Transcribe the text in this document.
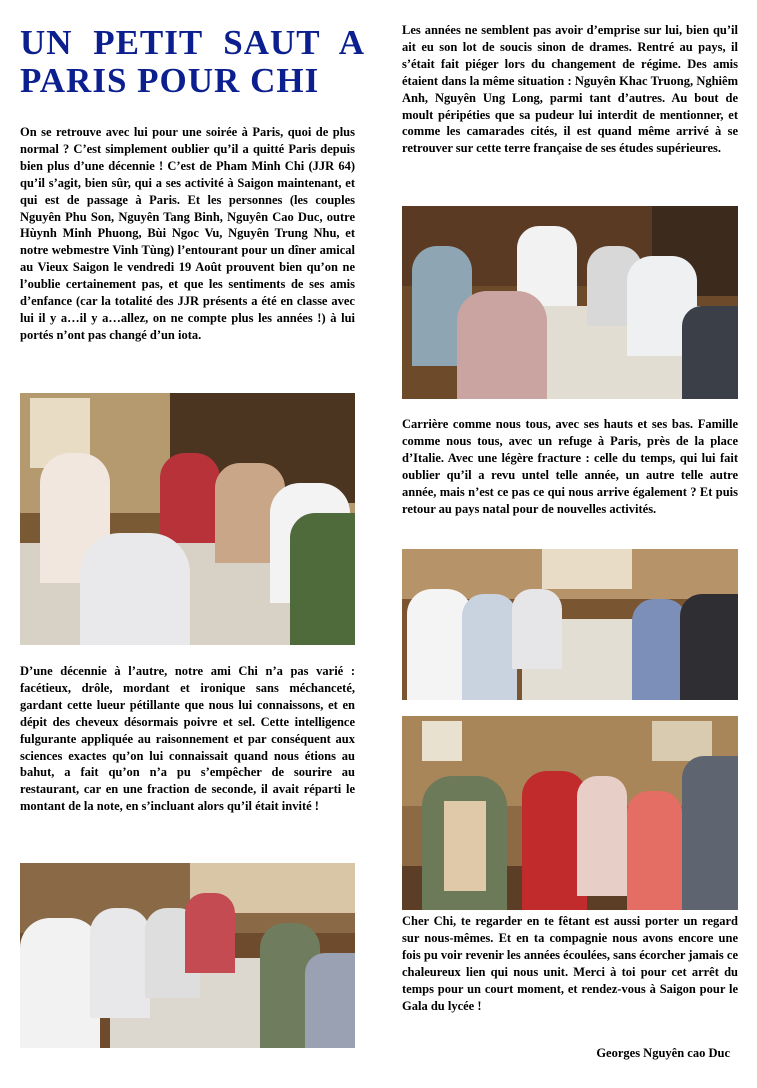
UN PETIT SAUT A PARIS POUR CHI

On se retrouve avec lui pour une soirée à Paris, quoi de plus normal ? C’est simplement oublier qu’il a quitté Paris depuis bien plus d’une décennie ! C’est de Pham Minh Chi (JJR 64) qu’il s’agit, bien sûr, qui a ses activité à Saigon maintenant, et qui est de passage à Paris. Et les personnes (les couples Nguyên Phu Son, Nguyên Tang Binh, Nguyên Cao Duc, outre Hùynh Minh Phuong, Bùi Ngoc Vu, Nguyên Trung Nhu, et notre webmestre Vinh Tùng) l’entourant pour un dîner amical au Vieux Saigon le vendredi 19 Août prouvent bien qu’on ne l’oublie certainement pas, et que les sentiments de ses amis d’enfance (car la totalité des JJR présents a été en classe avec lui il y a…il y a…allez, on ne compte plus les années !) à lui portés n’ont pas changé d’un iota.

D’une décennie à l’autre, notre ami Chi n’a pas varié : facétieux, drôle, mordant et ironique sans méchanceté, gardant cette lueur pétillante que nous lui connaissons, et en dépit des cheveux désormais poivre et sel. Cette intelligence fulgurante appliquée au raisonnement et par conséquent aux sciences exactes qu’on lui connaissait quand nous étions au bahut, a fait qu’on n’a pu s’empêcher de sourire au restaurant, car en une fraction de seconde, il avait réparti le montant de la note, en s’incluant alors qu’il était invité !

Les années ne semblent pas avoir d’emprise sur lui, bien qu’il ait eu son lot de soucis sinon de drames. Rentré au pays, il s’était fait piéger lors du changement de régime. Des amis étaient dans la même situation : Nguyên Khac Truong, Nghiêm Anh, Nguyên Ung Long, parmi tant d’autres. Au bout de moult péripéties que sa pudeur lui interdit de mentionner, et comme les camarades cités, il est quand même arrivé à se retrouver sur cette terre française de ses études supérieures.

Carrière comme nous tous, avec ses hauts et ses bas. Famille comme nous tous, avec un refuge à Paris, près de la place d’Italie. Avec une légère fracture : celle du temps, qui lui fait oublier qu’il a revu untel telle année, un autre telle autre année, mais n’est ce pas ce qui nous arrive également ? Et puis retour au pays natal pour de nouvelles activités.

Cher Chi, te regarder en te fêtant est aussi porter un regard sur nous-mêmes. Et en ta compagnie nous avons encore une fois pu voir revenir les années écoulées, sans écorcher jamais ce chaleureux lien qui nous unit. Merci à toi pour cet arrêt du temps pour un court moment, et rendez-vous à Saigon pour le Gala du lycée !

Georges Nguyên cao Duc
